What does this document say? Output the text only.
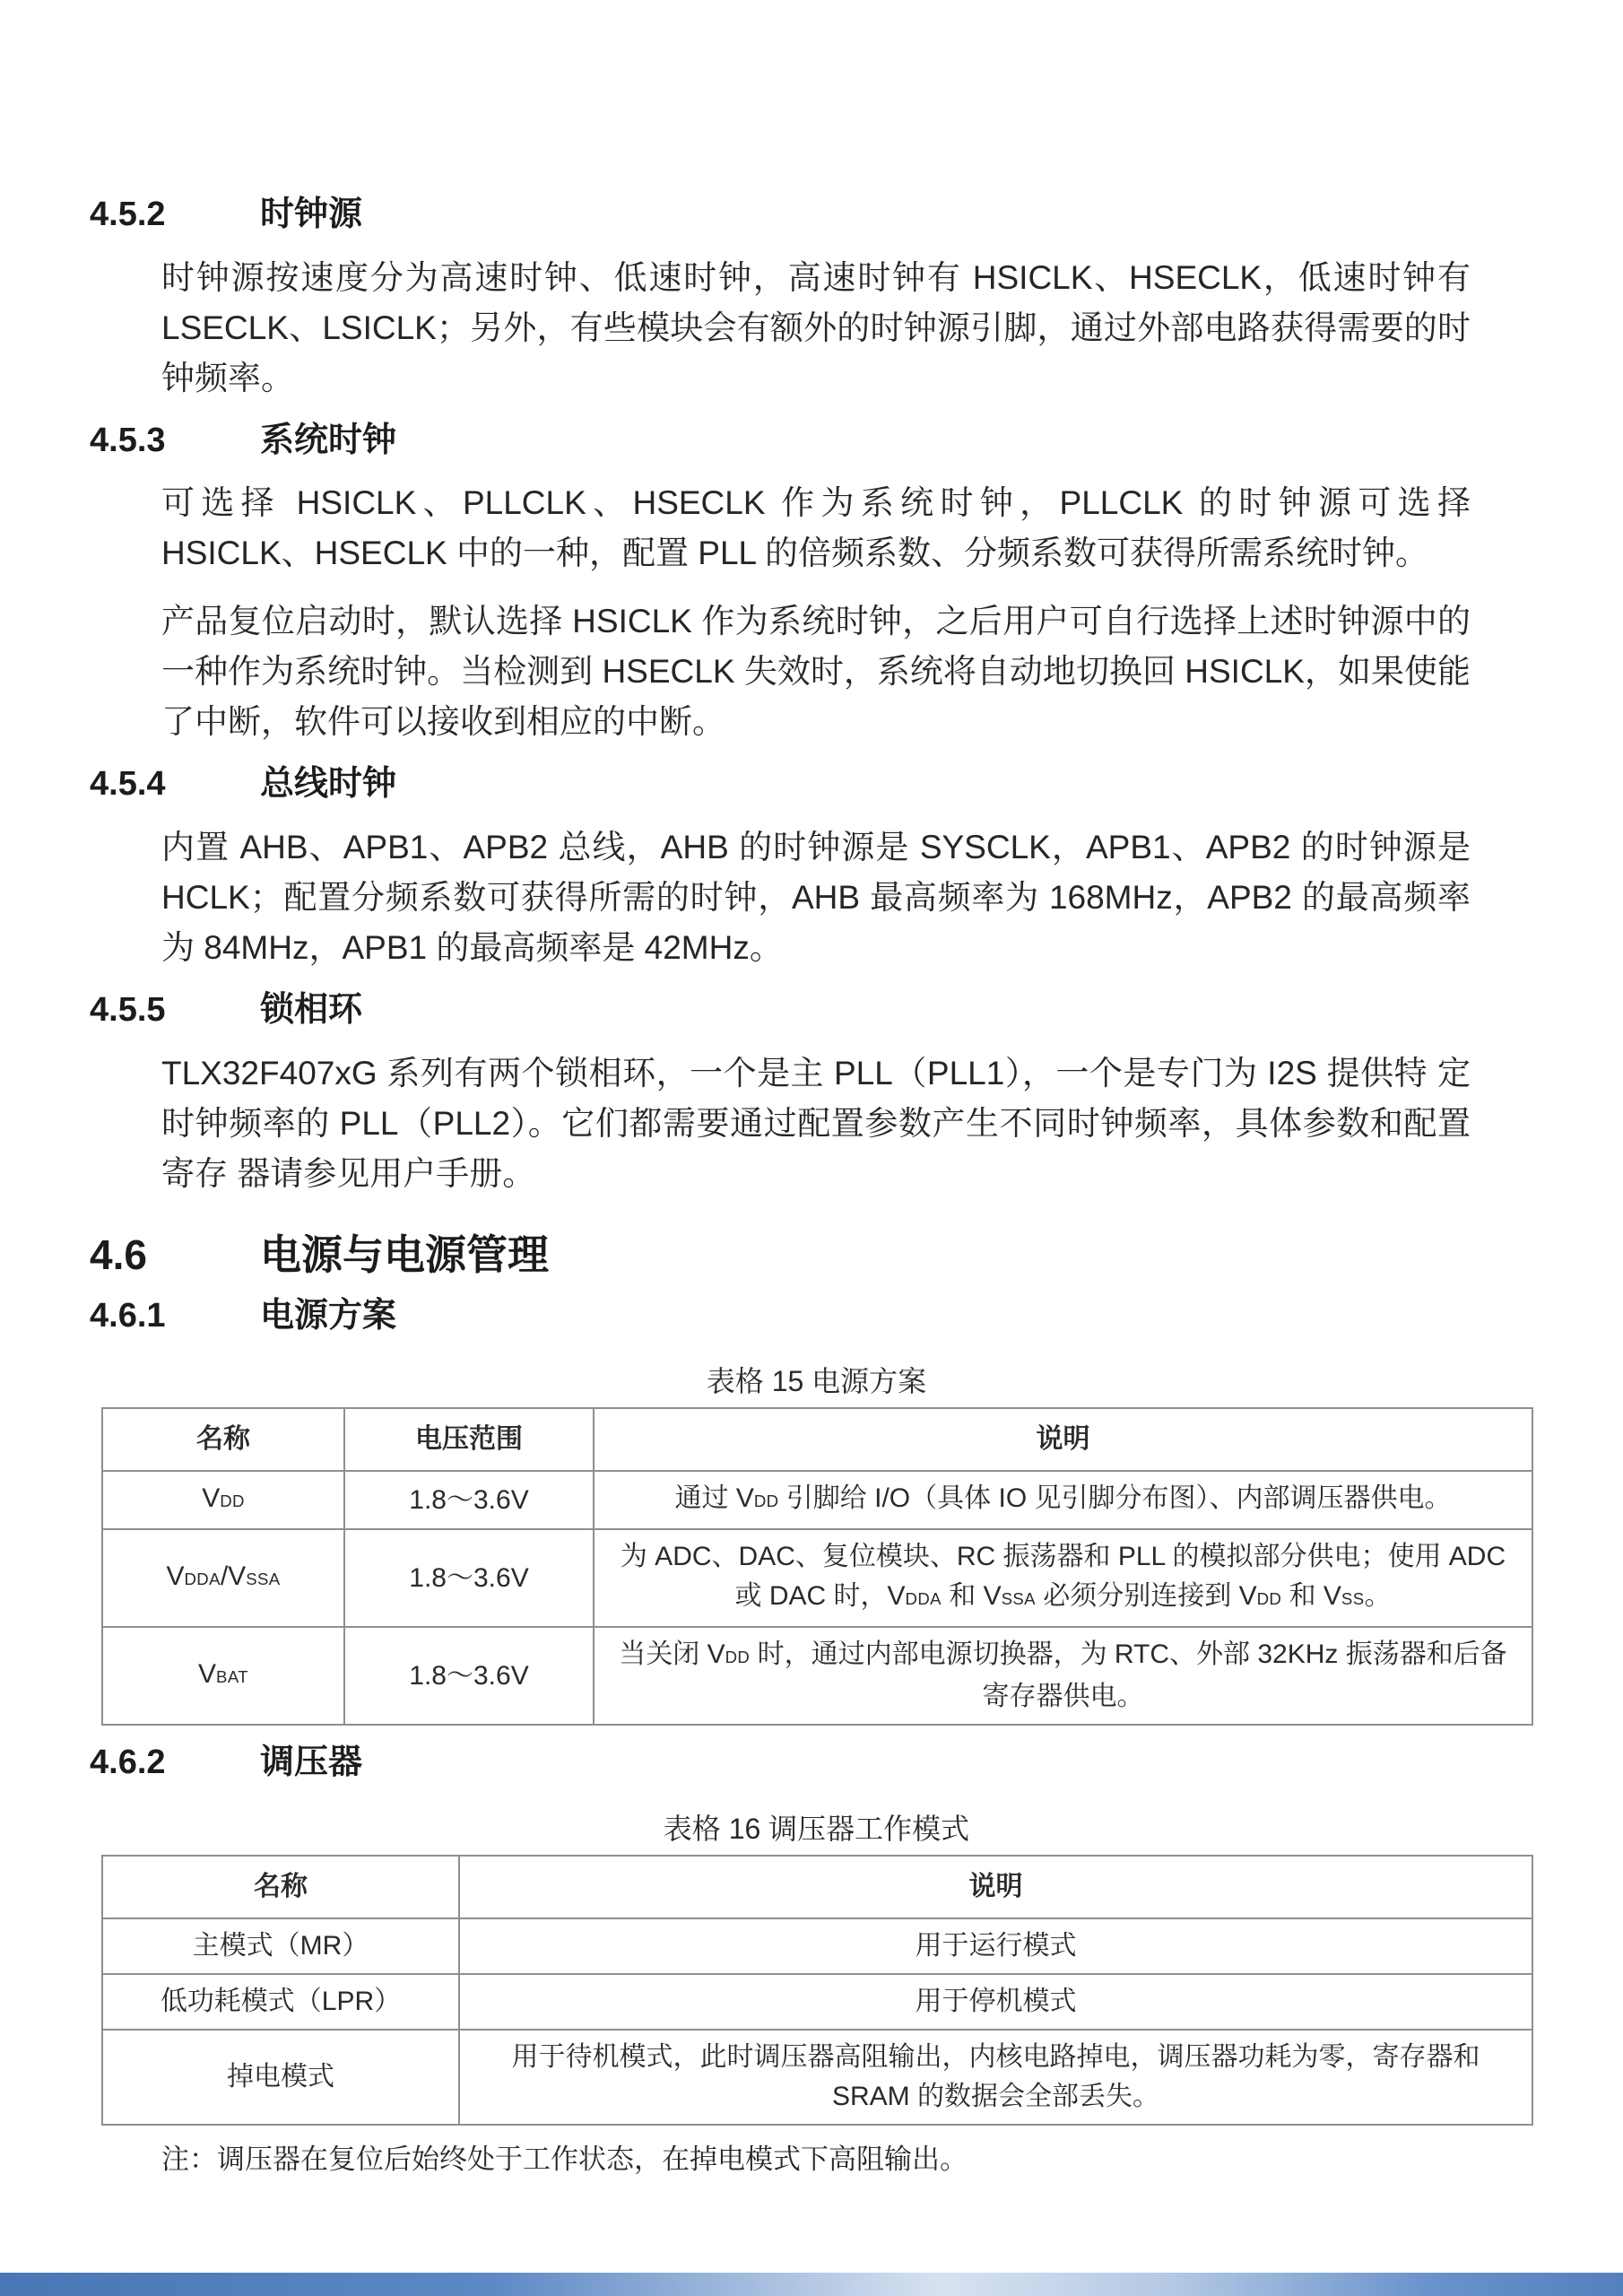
4.5.2	时钟源

时钟源按速度分为高速时钟、低速时钟，高速时钟有 HSICLK、HSECLK，低速时钟有 LSECLK、LSICLK；另外，有些模块会有额外的时钟源引脚，通过外部电路获得需要的时钟频率。

4.5.3	系统时钟

可选择 HSICLK、PLLCLK、HSECLK 作为系统时钟，PLLCLK 的时钟源可选择 HSICLK、HSECLK 中的一种，配置 PLL 的倍频系数、分频系数可获得所需系统时钟。

产品复位启动时，默认选择 HSICLK 作为系统时钟，之后用户可自行选择上述时钟源中的一种作为系统时钟。当检测到 HSECLK 失效时，系统将自动地切换回 HSICLK，如果使能了中断，软件可以接收到相应的中断。

4.5.4	总线时钟

内置 AHB、APB1、APB2 总线，AHB 的时钟源是 SYSCLK，APB1、APB2 的时钟源是 HCLK；配置分频系数可获得所需的时钟，AHB 最高频率为 168MHz，APB2 的最高频率为 84MHz，APB1 的最高频率是 42MHz。

4.5.5	锁相环

TLX32F407xG 系列有两个锁相环，一个是主 PLL（PLL1），一个是专门为 I2S 提供特 定时钟频率的 PLL（PLL2）。它们都需要通过配置参数产生不同时钟频率，具体参数和配置寄存 器请参见用户手册。

4.6	电源与电源管理
4.6.1	电源方案
表格 15 电源方案
名称	电压范围	说明
VDD	1.8～3.6V	通过 VDD 引脚给 I/O（具体 IO 见引脚分布图）、内部调压器供电。
VDDA/VSSA	1.8～3.6V	为 ADC、DAC、复位模块、RC 振荡器和 PLL 的模拟部分供电；使用 ADC 或 DAC 时，VDDA 和 VSSA 必须分别连接到 VDD 和 VSS。
VBAT	1.8～3.6V	当关闭 VDD 时，通过内部电源切换器，为 RTC、外部 32KHz 振荡器和后备寄存器供电。
4.6.2	调压器
表格 16 调压器工作模式
名称	说明
主模式（MR）	用于运行模式
低功耗模式（LPR）	用于停机模式
掉电模式	用于待机模式，此时调压器高阻输出，内核电路掉电，调压器功耗为零，寄存器和 SRAM 的数据会全部丢失。
注：调压器在复位后始终处于工作状态，在掉电模式下高阻输出。
